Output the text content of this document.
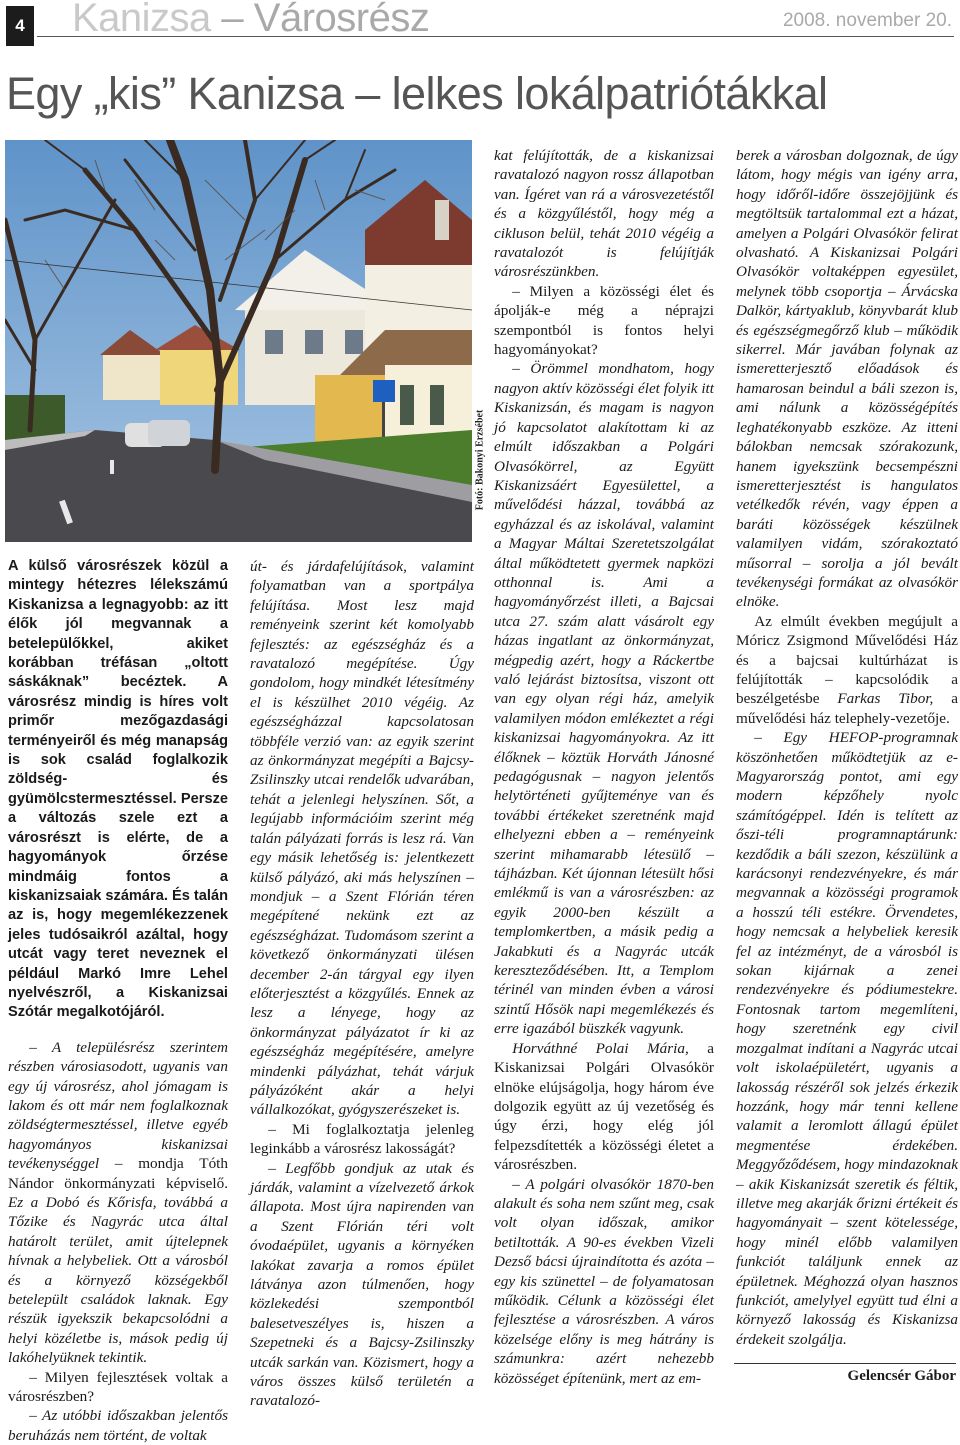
4 Kanizsa – Városrész	2008. november 20.
Egy „kis” Kanizsa – lelkes lokálpatriótákkal
Fotó: Bakonyi Erzsébet

A külső városrészek közül a mintegy hétezres lélekszámú Kiskanizsa a legnagyobb: az itt élők jól megvannak a betelepülőkkel, akiket korábban tréfásan „oltott sáskáknak” becéztek. A városrész mindig is híres volt primőr mezőgazdasági terményeiről és még manapság is sok család foglalkozik zöldség- és gyümölcstermesztéssel. Persze a változás szele ezt a városrészt is elérte, de a hagyományok őrzése mindmáig fontos a kiskanizsaiak számára. És talán az is, hogy megemlékezzenek jeles tudósaikról azáltal, hogy utcát vagy teret neveznek el például Markó Imre Lehel nyelvészről, a Kiskanizsai Szótár megalkotójáról.

– A településrész szerintem részben városiasodott, ugyanis van egy új városrész, ahol jómagam is lakom és ott már nem foglalkoznak zöldségtermesztéssel, illetve egyéb hagyományos kiskanizsai tevékenységgel – mondja Tóth Nándor önkormányzati képviselő. Ez a Dobó és Kőrisfa, továbbá a Tőzike és Nagyrác utca által határolt terület, amit újtelepnek hívnak a helybeliek. Ott a városból és a környező községekből betelepült családok laknak. Egy részük igyekszik bekapcsolódni a helyi közéletbe is, mások pedig új lakóhelyüknek tekintik.

– Milyen fejlesztések voltak a városrészben?

– Az utóbbi időszakban jelentős beruházás nem történt, de voltak

út- és járdafelújítások, valamint folyamatban van a sportpálya felújítása. Most lesz majd reményeink szerint két komolyabb fejlesztés: az egészségház és a ravatalozó megépítése. Úgy gondolom, hogy mindkét létesítmény el is készülhet 2010 végéig. Az egészségházzal kapcsolatosan többféle verzió van: az egyik szerint az önkormányzat megépíti a Bajcsy-Zsilinszky utcai rendelők udvarában, tehát a jelenlegi helyszínen. Sőt, a legújabb információim szerint még talán pályázati forrás is lesz rá. Van egy másik lehetőség is: jelentkezett külső pályázó, aki más helyszínen – mondjuk – a Szent Flórián téren megépítené nekünk ezt az egészségházat. Tudomásom szerint a következő önkormányzati ülésen december 2-án tárgyal egy ilyen előterjesztést a közgyűlés. Ennek az lesz a lényege, hogy az önkormányzat pályázatot ír ki az egészségház megépítésére, amelyre mindenki pályázhat, tehát várjuk pályázóként akár a helyi vállalkozókat, gyógyszerészeket is.

– Mi foglalkoztatja jelenleg leginkább a városrész lakosságát?

– Legfőbb gondjuk az utak és járdák, valamint a vízelvezető árkok állapota. Most újra napirenden van a Szent Flórián téri volt óvodaépület, ugyanis a környéken lakókat zavarja a romos épület látványa azon túlmenően, hogy közlekedési szempontból balesetveszélyes is, hiszen a Szepetneki és a Bajcsy-Zsilinszky utcák sarkán van. Közismert, hogy a város összes külső területén a ravatalozó-

kat felújították, de a kiskanizsai ravatalozó nagyon rossz állapotban van. Ígéret van rá a városvezetéstől és a közgyűléstől, hogy még a cikluson belül, tehát 2010 végéig a ravatalozót is felújítják városrészünkben.

– Milyen a közösségi élet és ápolják-e még a néprajzi szempontból is fontos helyi hagyományokat?

– Örömmel mondhatom, hogy nagyon aktív közösségi élet folyik itt Kiskanizsán, és magam is nagyon jó kapcsolatot alakítottam ki az elmúlt időszakban a Polgári Olvasókörrel, az Együtt Kiskanizsáért Egyesülettel, a művelődési házzal, továbbá az egyházzal és az iskolával, valamint a Magyar Máltai Szeretetszolgálat által működtetett gyermek napközi otthonnal is. Ami a hagyományőrzést illeti, a Bajcsai utca 27. szám alatt vásárolt egy házas ingatlant az önkormányzat, mégpedig azért, hogy a Ráckertbe való lejárást biztosítsa, viszont ott van egy olyan régi ház, amelyik valamilyen módon emlékeztet a régi kiskanizsai hagyományokra. Az itt élőknek – köztük Horváth Jánosné pedagógusnak – nagyon jelentős helytörténeti gyűjteménye van és további értékeket szeretnénk majd elhelyezni ebben a – reményeink szerint mihamarabb létesülő – tájházban. Két újonnan létesült hősi emlékmű is van a városrészben: az egyik 2000-ben készült a templomkertben, a másik pedig a Jakabkuti és a Nagyrác utcák kereszteződésében. Itt, a Templom térinél van minden évben a városi szintű Hősök napi megemlékezés és erre igazából büszkék vagyunk.

Horváthné Polai Mária, a Kiskanizsai Polgári Olvasókör elnöke elújságolja, hogy három éve dolgozik együtt az új vezetőség és úgy érzi, hogy elég jól felpezsdítették a közösségi életet a városrészben.

– A polgári olvasókör 1870-ben alakult és soha nem szűnt meg, csak volt olyan időszak, amikor betiltották. A 90-es években Vizeli Dezső bácsi újraindította és azóta – egy kis szünettel – de folyamatosan működik. Célunk a közösségi élet fejlesztése a városrészben. A város közelsége előny is meg hátrány is számunkra: azért nehezebb közösséget építenünk, mert az em-

berek a városban dolgoznak, de úgy látom, hogy mégis van igény arra, hogy időről-időre összejöjjünk és megtöltsük tartalommal ezt a házat, amelyen a Polgári Olvasókör felirat olvasható. A Kiskanizsai Polgári Olvasókör voltaképpen egyesület, melynek több csoportja – Árvácska Dalkör, kártyaklub, könyvbarát klub és egészségmegőrző klub – működik sikerrel. Már javában folynak az ismeretterjesztő előadások és hamarosan beindul a báli szezon is, ami nálunk a közösségépítés leghatékonyabb eszköze. Az itteni bálokban nemcsak szórakozunk, hanem igyekszünk becsempészni ismeretterjesztést is hangulatos vetélkedők révén, vagy éppen a baráti közösségek készülnek valamilyen vidám, szórakoztató műsorral – sorolja a jól bevált tevékenységi formákat az olvasókör elnöke.

Az elmúlt években megújult a Móricz Zsigmond Művelődési Ház és a bajcsai kultúrházat is felújították – kapcsolódik a beszélgetésbe Farkas Tibor, a művelődési ház telephely-vezetője.

– Egy HEFOP-programnak köszönhetően működtetjük az e-Magyarország pontot, ami egy modern képzőhely nyolc számítógéppel. Idén is telített az őszi-téli programnaptárunk: kezdődik a báli szezon, készülünk a karácsonyi rendezvényekre, és már megvannak a közösségi programok a hosszú téli estékre. Örvendetes, hogy nemcsak a helybeliek keresik fel az intézményt, de a városból is sokan kijárnak a zenei rendezvényekre és pódiumestekre. Fontosnak tartom megemlíteni, hogy szeretnénk egy civil mozgalmat indítani a Nagyrác utcai volt iskolaépületért, ugyanis a lakosság részéről sok jelzés érkezik hozzánk, hogy már tenni kellene valamit a leromlott állagú épület megmentése érdekében. Meggyőződésem, hogy mindazoknak – akik Kiskanizsát szeretik és féltik, illetve meg akarják őrizni értékeit és hagyományait – szent kötelessége, hogy minél előbb valamilyen funkciót találjunk ennek az épületnek. Méghozzá olyan hasznos funkciót, amelylyel együtt tud élni a környező lakosság és Kiskanizsa érdekeit szolgálja.

Gelencsér Gábor
